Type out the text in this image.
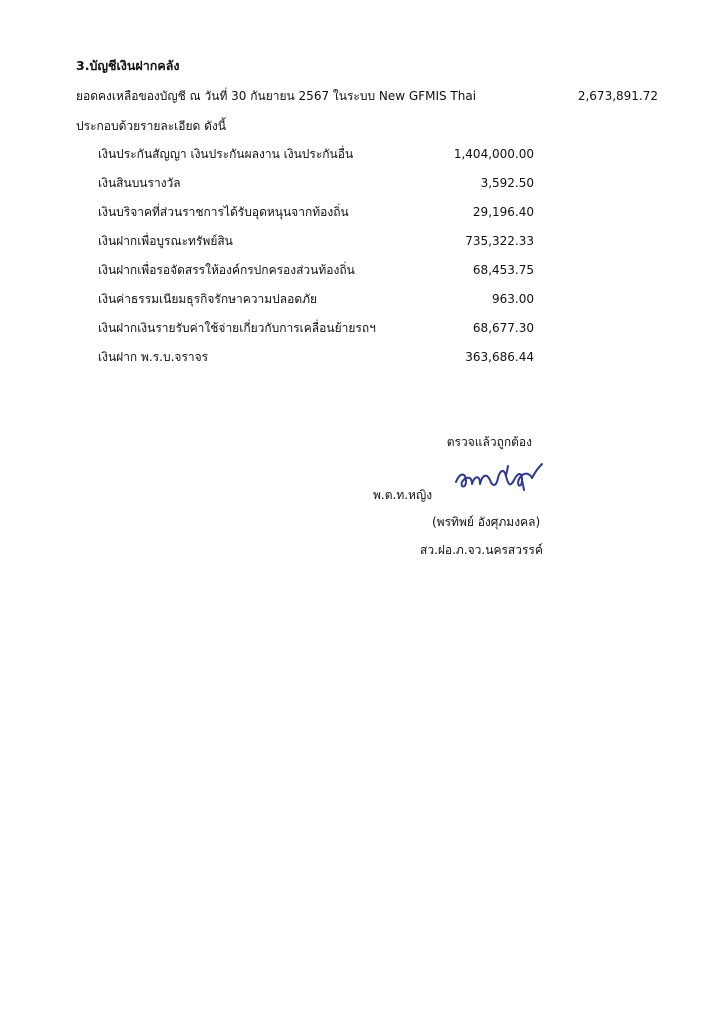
3.บัญชีเงินฝากคลัง
ยอดคงเหลือของบัญชี ณ วันที่ 30 กันยายน 2567 ในระบบ New GFMIS Thai	2,673,891.72
ประกอบด้วยรายละเอียด ดังนี้
เงินประกันสัญญา เงินประกันผลงาน เงินประกันอื่น	1,404,000.00
เงินสินบนรางวัล	3,592.50
เงินบริจาคที่ส่วนราชการได้รับอุดหนุนจากท้องถิ่น	29,196.40
เงินฝากเพื่อบูรณะทรัพย์สิน	735,322.33
เงินฝากเพื่อรอจัดสรรให้องค์กรปกครองส่วนท้องถิ่น	68,453.75
เงินค่าธรรมเนียมธุรกิจรักษาความปลอดภัย	963.00
เงินฝากเงินรายรับค่าใช้จ่ายเกี่ยวกับการเคลื่อนย้ายรถฯ	68,677.30
เงินฝาก พ.ร.บ.จราจร	363,686.44
ตรวจแล้วถูกต้อง
พ.ต.ท.หญิง
(พรทิพย์ อังศุภมงคล)
สว.ฝอ.ภ.จว.นครสวรรค์
